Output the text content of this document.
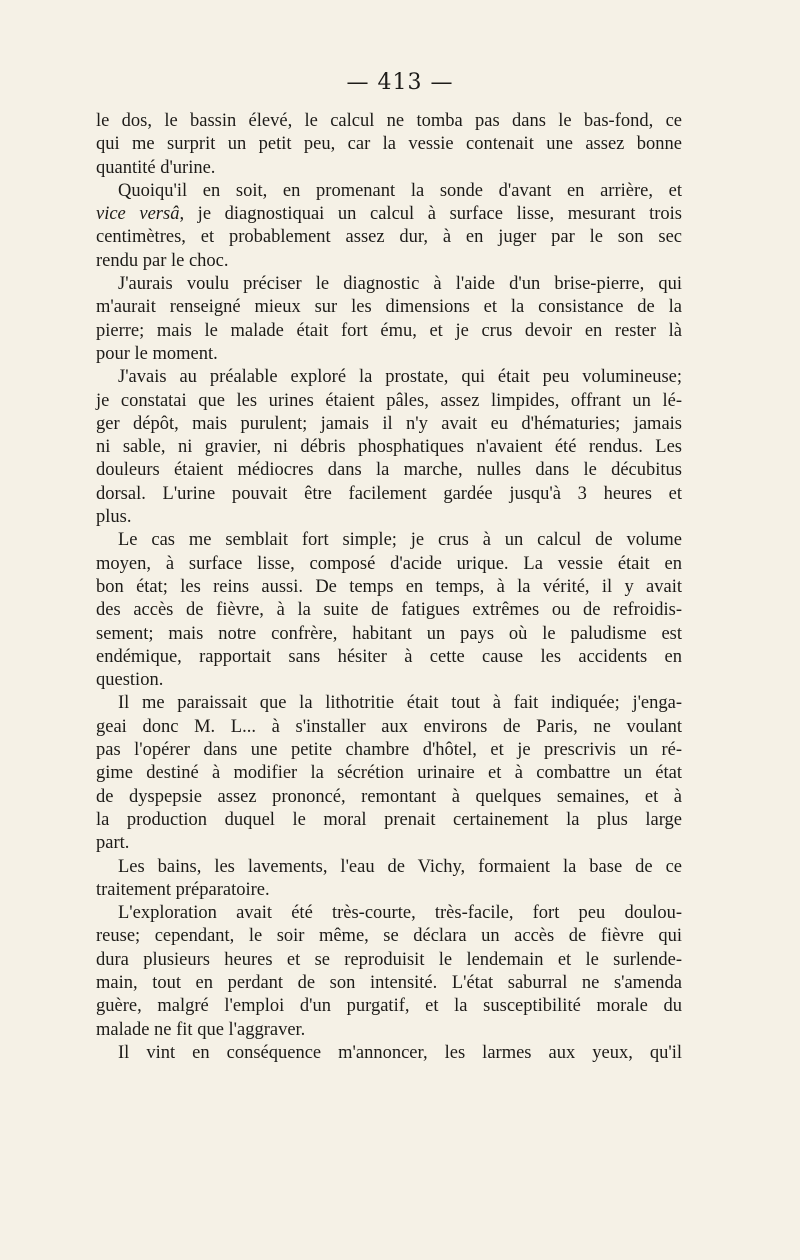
— 413 —
le dos, le bassin élevé, le calcul ne tomba pas dans le bas-fond, ce
qui me surprit un petit peu, car la vessie contenait une assez bonne
quantité d'urine.
Quoiqu'il en soit, en promenant la sonde d'avant en arrière, et
vice versâ, je diagnostiquai un calcul à surface lisse, mesurant trois
centimètres, et probablement assez dur, à en juger par le son sec
rendu par le choc.
J'aurais voulu préciser le diagnostic à l'aide d'un brise-pierre, qui
m'aurait renseigné mieux sur les dimensions et la consistance de la
pierre; mais le malade était fort ému, et je crus devoir en rester là
pour le moment.
J'avais au préalable exploré la prostate, qui était peu volumineuse;
je constatai que les urines étaient pâles, assez limpides, offrant un lé-
ger dépôt, mais purulent; jamais il n'y avait eu d'hématuries; jamais
ni sable, ni gravier, ni débris phosphatiques n'avaient été rendus. Les
douleurs étaient médiocres dans la marche, nulles dans le décubitus
dorsal. L'urine pouvait être facilement gardée jusqu'à 3 heures et
plus.
Le cas me semblait fort simple; je crus à un calcul de volume
moyen, à surface lisse, composé d'acide urique. La vessie était en
bon état; les reins aussi. De temps en temps, à la vérité, il y avait
des accès de fièvre, à la suite de fatigues extrêmes ou de refroidis-
sement; mais notre confrère, habitant un pays où le paludisme est
endémique, rapportait sans hésiter à cette cause les accidents en
question.
Il me paraissait que la lithotritie était tout à fait indiquée; j'enga-
geai donc M. L... à s'installer aux environs de Paris, ne voulant
pas l'opérer dans une petite chambre d'hôtel, et je prescrivis un ré-
gime destiné à modifier la sécrétion urinaire et à combattre un état
de dyspepsie assez prononcé, remontant à quelques semaines, et à
la production duquel le moral prenait certainement la plus large
part.
Les bains, les lavements, l'eau de Vichy, formaient la base de ce
traitement préparatoire.
L'exploration avait été très-courte, très-facile, fort peu doulou-
reuse; cependant, le soir même, se déclara un accès de fièvre qui
dura plusieurs heures et se reproduisit le lendemain et le surlende-
main, tout en perdant de son intensité. L'état saburral ne s'amenda
guère, malgré l'emploi d'un purgatif, et la susceptibilité morale du
malade ne fit que l'aggraver.
Il vint en conséquence m'annoncer, les larmes aux yeux, qu'il
